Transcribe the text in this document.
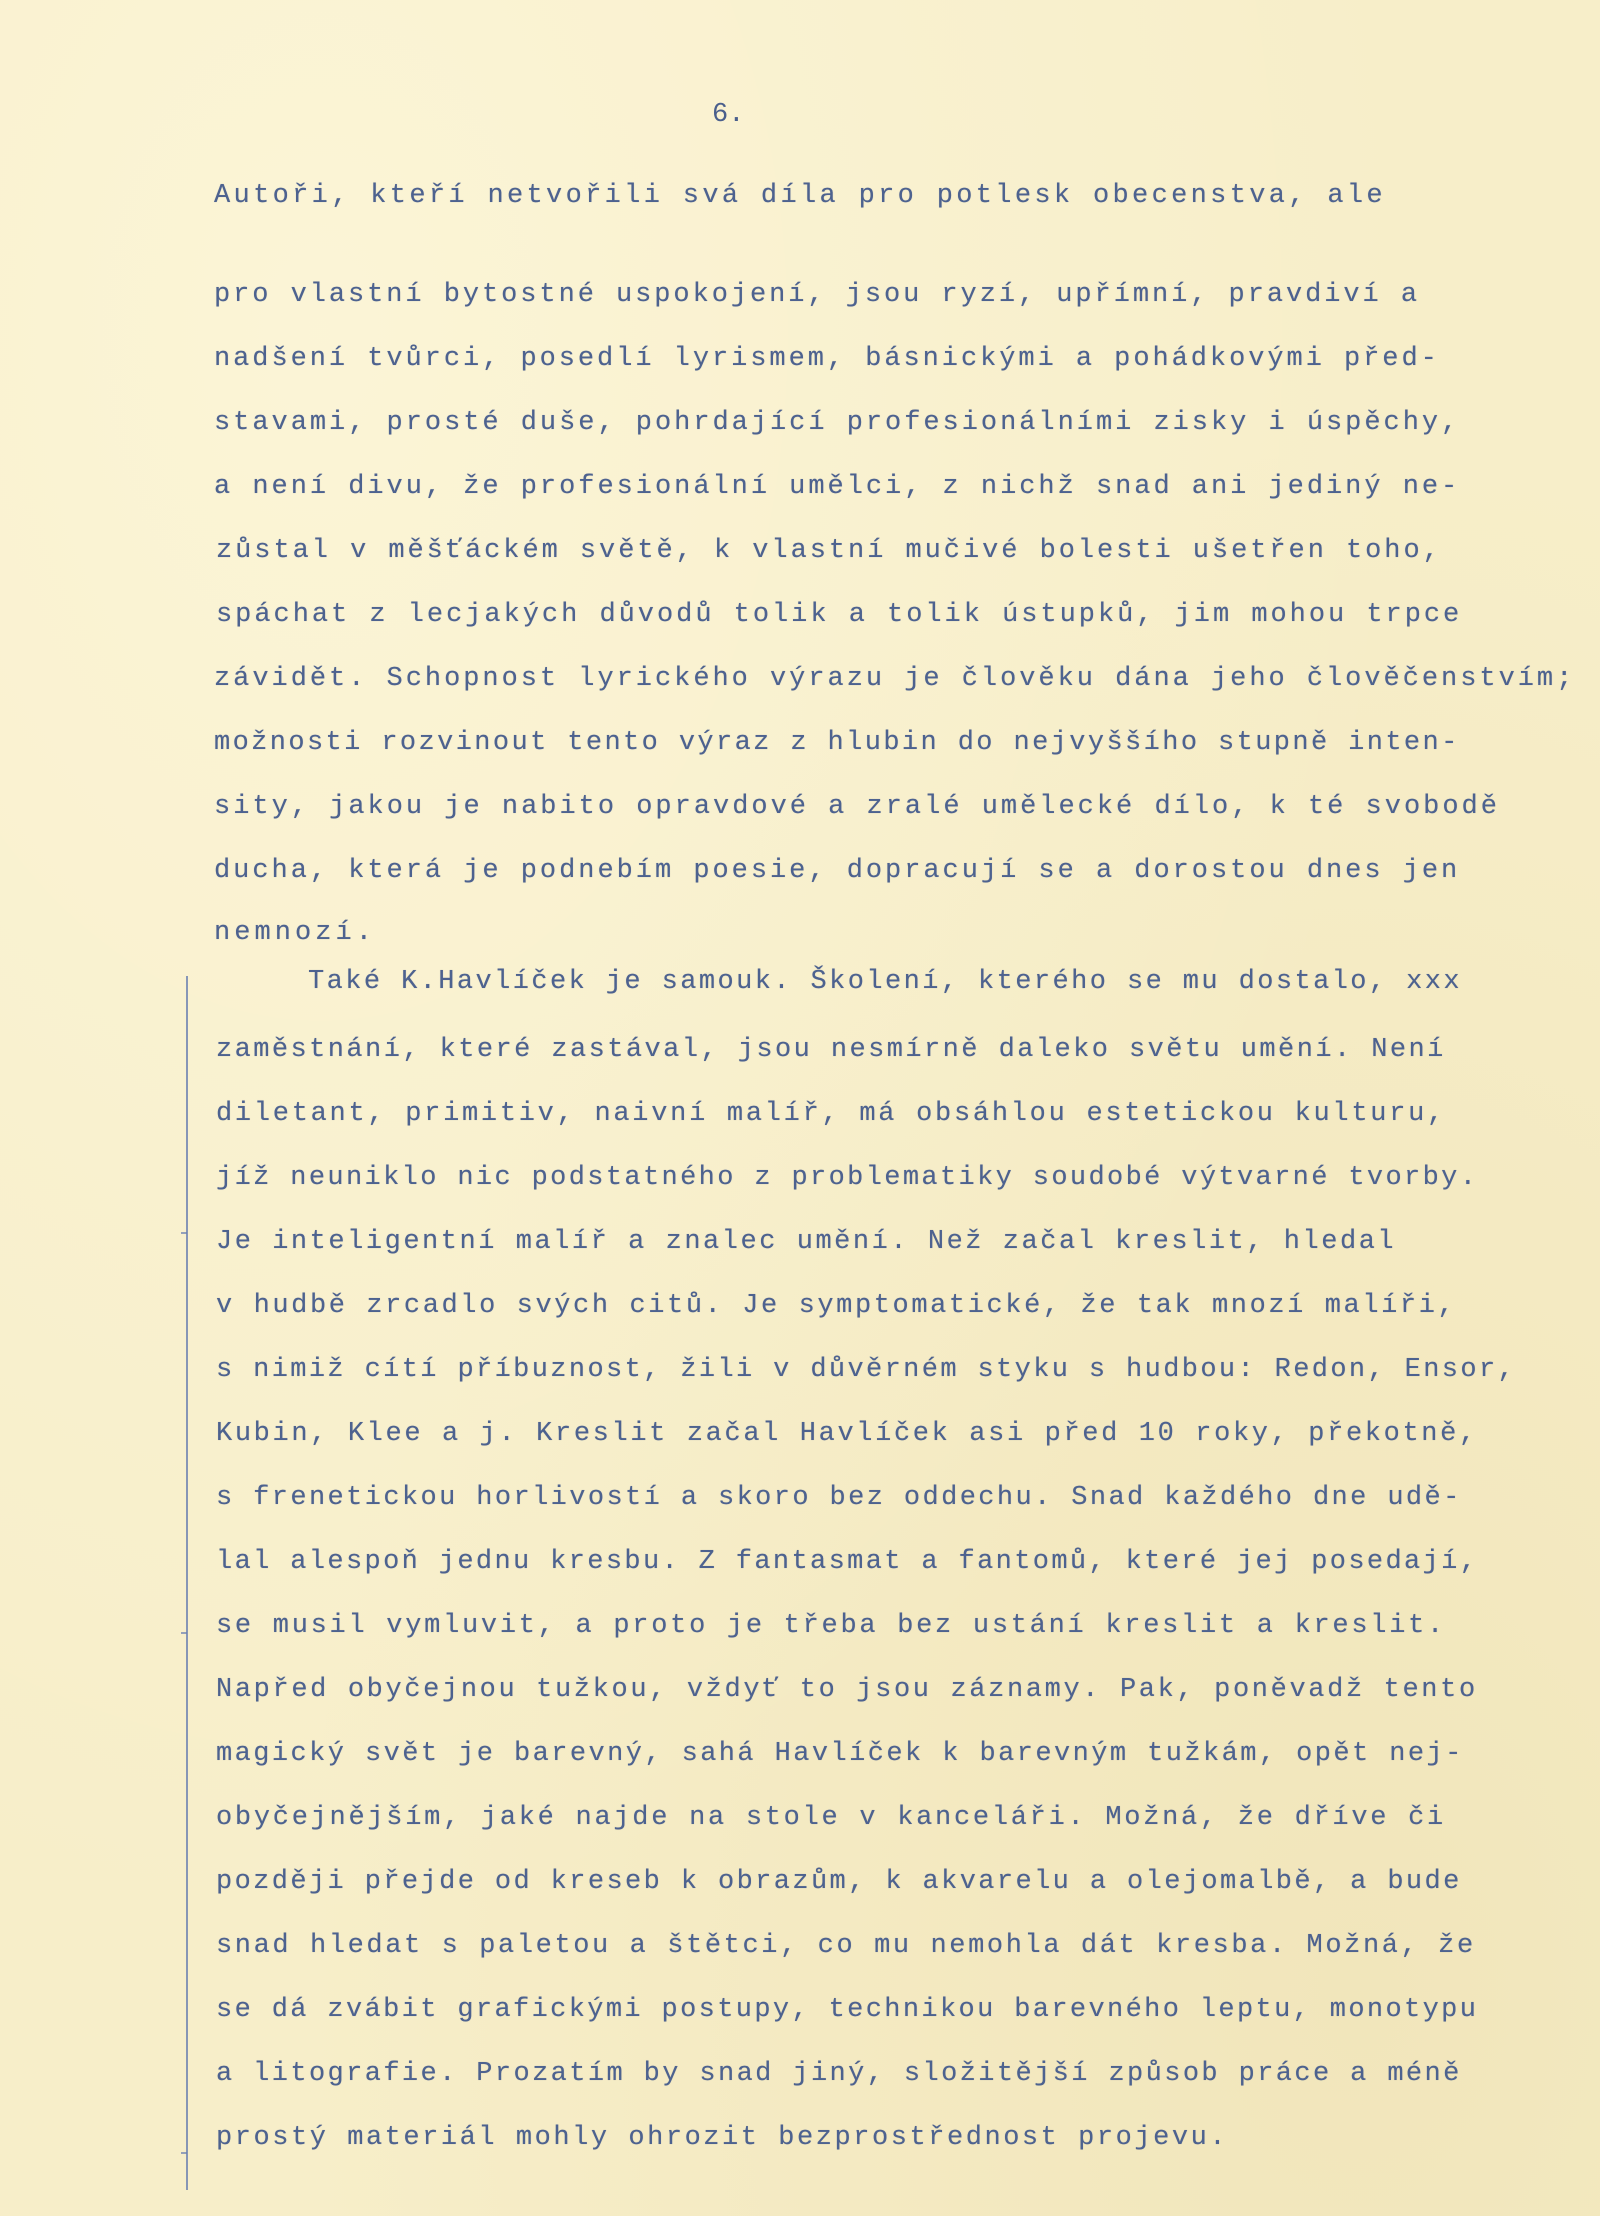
6.

Autoři, kteří netvořili svá díla pro potlesk obecenstva, ale

pro vlastní bytostné uspokojení, jsou ryzí, upřímní, pravdiví a

nadšení tvůrci, posedlí lyrismem, básnickými a pohádkovými před-

stavami, prosté duše, pohrdající profesionálními zisky i úspěchy,

a není divu, že profesionální umělci, z nichž snad ani jediný ne-

zůstal v měšťáckém světě, k vlastní mučivé bolesti ušetřen toho,

spáchat z lecjakých důvodů tolik a tolik ústupků, jim mohou trpce

závidět. Schopnost lyrického výrazu je člověku dána jeho člověčenstvím;

možnosti rozvinout tento výraz z hlubin do nejvyššího stupně inten-

sity, jakou je nabito opravdové a zralé umělecké dílo, k té svobodě

ducha, která je podnebím poesie, dopracují se a dorostou dnes jen

nemnozí.

Také K.Havlíček je samouk. Školení, kterého se mu dostalo, xxx

zaměstnání, které zastával, jsou nesmírně daleko světu umění. Není

diletant, primitiv, naivní malíř, má obsáhlou estetickou kulturu,

jíž neuniklo nic podstatného z problematiky soudobé výtvarné tvorby.

Je inteligentní malíř a znalec umění. Než začal kreslit, hledal

v hudbě zrcadlo svých citů. Je symptomatické, že tak mnozí malíři,

s nimiž cítí příbuznost, žili v důvěrném styku s hudbou: Redon, Ensor,

Kubin, Klee a j. Kreslit začal Havlíček asi před 10 roky, překotně,

s frenetickou horlivostí a skoro bez oddechu. Snad každého dne udě-

lal alespoň jednu kresbu. Z fantasmat a fantomů, které jej posedají,

se musil vymluvit, a proto je třeba bez ustání kreslit a kreslit.

Napřed obyčejnou tužkou, vždyť to jsou záznamy. Pak, poněvadž tento

magický svět je barevný, sahá Havlíček k barevným tužkám, opět nej-

obyčejnějším, jaké najde na stole v kanceláři. Možná, že dříve či

později přejde od kreseb k obrazům, k akvarelu a olejomalbě, a bude

snad hledat s paletou a štětci, co mu nemohla dát kresba. Možná, že

se dá zvábit grafickými postupy, technikou barevného leptu, monotypu

a litografie. Prozatím by snad jiný, složitější způsob práce a méně

prostý materiál mohly ohrozit bezprostřednost projevu.
